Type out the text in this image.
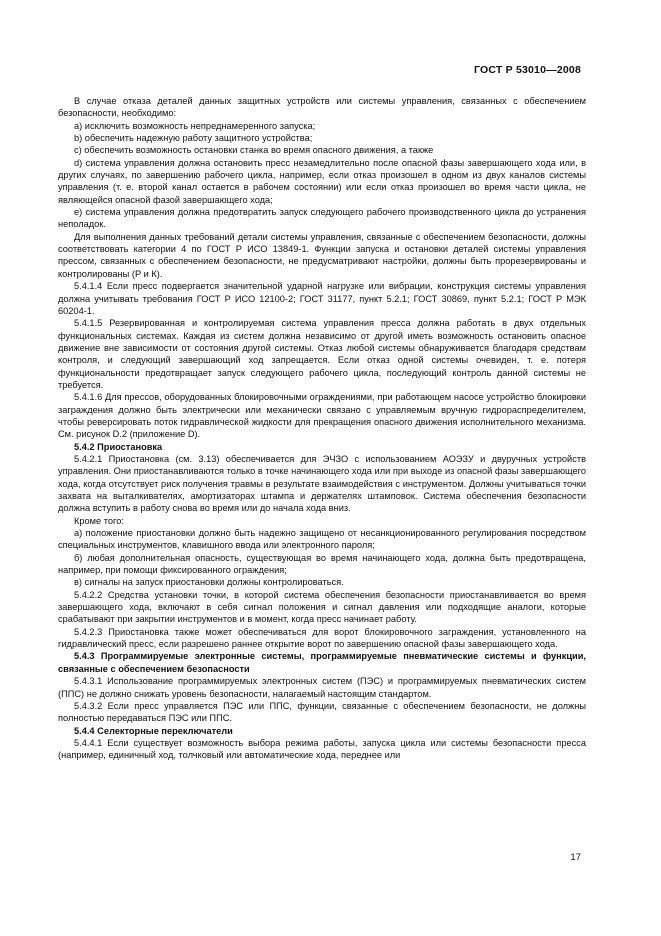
ГОСТ Р 53010—2008

В случае отказа деталей данных защитных устройств или системы управления, связанных с обеспечением безопасности, необходимо:

a) исключить возможность непреднамеренного запуска;

b) обеспечить надежную работу защитного устройства;

c) обеспечить возможность остановки станка во время опасного движения, а также

d) система управления должна остановить пресс незамедлительно после опасной фазы завершающего хода или, в других случаях, по завершению рабочего цикла, например, если отказ произошел в одном из двух каналов системы управления (т. е. второй канал остается в рабочем состоянии) или если отказ произошел во время части цикла, не являющейся опасной фазой завершающего хода;

e) система управления должна предотвратить запуск следующего рабочего производственного цикла до устранения неполадок.

Для выполнения данных требований детали системы управления, связанные с обеспечением безопасности, должны соответствовать категории 4 по ГОСТ Р ИСО 13849-1. Функции запуска и остановки деталей системы управления прессом, связанных с обеспечением безопасности, не предусматривают настройки, должны быть прорезервированы и контролированы (Р и К).

5.4.1.4 Если пресс подвергается значительной ударной нагрузке или вибрации, конструкция системы управления должна учитывать требования ГОСТ Р ИСО 12100-2; ГОСТ 31177, пункт 5.2.1; ГОСТ 30869, пункт 5.2.1; ГОСТ Р МЭК 60204-1.

5.4.1.5 Резервированная и контролируемая система управления пресса должна работать в двух отдельных функциональных системах. Каждая из систем должна независимо от другой иметь возможность остановить опасное движение вне зависимости от состояния другой системы. Отказ любой системы обнаруживается благодаря средствам контроля, и следующий завершающий ход запрещается. Если отказ одной системы очевиден, т. е. потеря функциональности предотвращает запуск следующего рабочего цикла, последующий контроль данной системы не требуется.

5.4.1.6 Для прессов, оборудованных блокировочными ограждениями, при работающем насосе устройство блокировки заграждения должно быть электрически или механически связано с управляемым вручную гидрораспределителем, чтобы реверсировать поток гидравлической жидкости для прекращения опасного движения исполнительного механизма. См. рисунок D.2 (приложение D).

5.4.2 Приостановка

5.4.2.1 Приостановка (см. 3.13) обеспечивается для ЭЧЗО с использованием АОЭЗУ и двуручных устройств управления. Они приостанавливаются только в точке начинающего хода или при выходе из опасной фазы завершающего хода, когда отсутствует риск получения травмы в результате взаимодействия с инструментом. Должны учитываться точки захвата на выталкивателях, амортизаторах штампа и держателях штамповок. Система обеспечения безопасности должна вступить в работу снова во время или до начала хода вниз.

Кроме того:

а) положение приостановки должно быть надежно защищено от несанкционированного регулирования посредством специальных инструментов, клавишного ввода или электронного пароля;

б) любая дополнительная опасность, существующая во время начинающего хода, должна быть предотвращена, например, при помощи фиксированного ограждения;

в) сигналы на запуск приостановки должны контролироваться.

5.4.2.2 Средства установки точки, в которой система обеспечения безопасности приостанавливается во время завершающего хода, включают в себя сигнал положения и сигнал давления или подходящие аналоги, которые срабатывают при закрытии инструментов и в момент, когда пресс начинает работу.

5.4.2.3 Приостановка также может обеспечиваться для ворот блокировочного заграждения, установленного на гидравлический пресс, если разрешено раннее открытие ворот по завершению опасной фазы завершающего хода.

5.4.3 Программируемые электронные системы, программируемые пневматические системы и функции, связанные с обеспечением безопасности

5.4.3.1 Использование программируемых электронных систем (ПЭС) и программируемых пневматических систем (ППС) не должно снижать уровень безопасности, налагаемый настоящим стандартом.

5.4.3.2 Если пресс управляется ПЭС или ППС, функции, связанные с обеспечением безопасности, не должны полностью передаваться ПЭС или ППС.

5.4.4 Селекторные переключатели

5.4.4.1 Если существует возможность выбора режима работы, запуска цикла или системы безопасности пресса (например, единичный ход, толчковый или автоматические хода, переднее или

17
